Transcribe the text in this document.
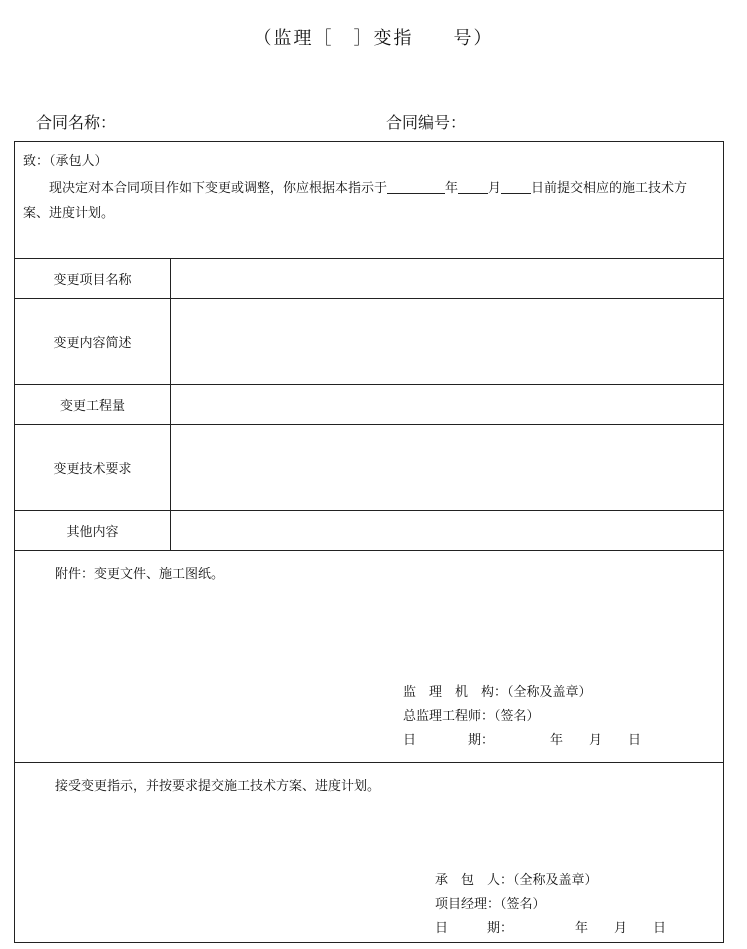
（监理［　］变指　　号）
合同名称：	合同编号：
致：（承包人）

现决定对本合同项目作如下变更或调整，你应根据本指示于	年 月 日前提交相应的施工技术方案、进度计划。

变更项目名称
变更内容简述
变更工程量
变更技术要求
其他内容
附件：变更文件、施工图纸。
监　理　机　构：（全称及盖章）
总监理工程师：（签名）
日　　　　期：	年　　月　　日
接受变更指示，并按要求提交施工技术方案、进度计划。
承　包　人：（全称及盖章）
项目经理：（签名）
日　　　期：	年　　月　　日
